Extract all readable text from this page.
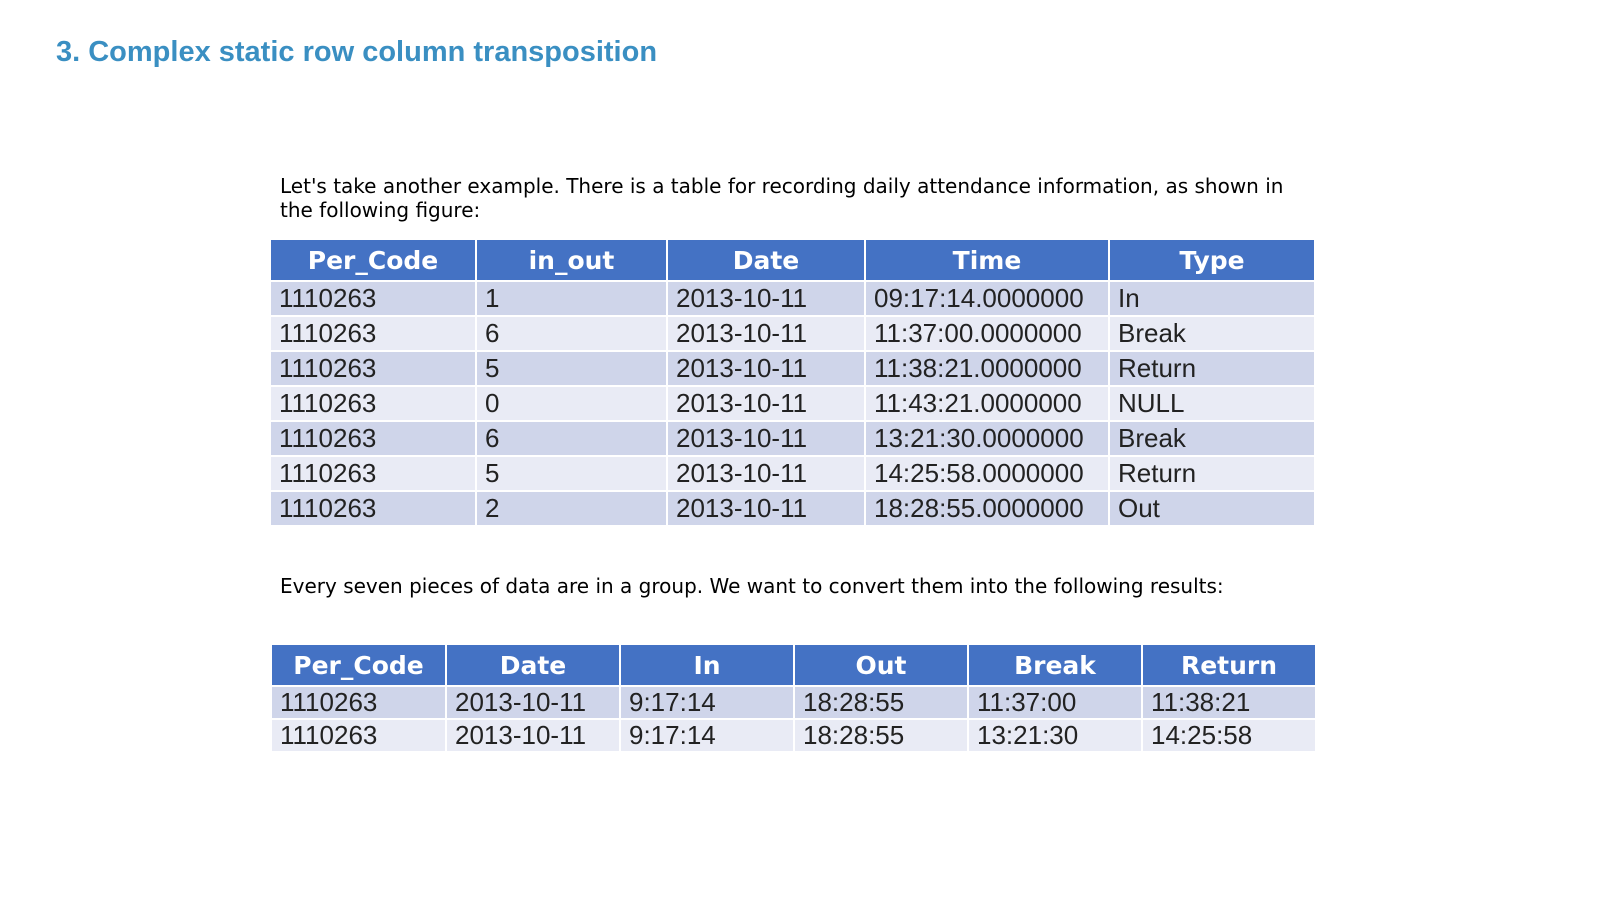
3. Complex static row column transposition

Let's take another example. There is a table for recording daily attendance information, as shown in the following figure:

Per_Code	in_out	Date	Time	Type
1110263	1	2013-10-11	09:17:14.0000000	In
1110263	6	2013-10-11	11:37:00.0000000	Break
1110263	5	2013-10-11	11:38:21.0000000	Return
1110263	0	2013-10-11	11:43:21.0000000	NULL
1110263	6	2013-10-11	13:21:30.0000000	Break
1110263	5	2013-10-11	14:25:58.0000000	Return
1110263	2	2013-10-11	18:28:55.0000000	Out

Every seven pieces of data are in a group. We want to convert them into the following results:

Per_Code	Date	In	Out	Break	Return
1110263	2013-10-11	9:17:14	18:28:55	11:37:00	11:38:21
1110263	2013-10-11	9:17:14	18:28:55	13:21:30	14:25:58
